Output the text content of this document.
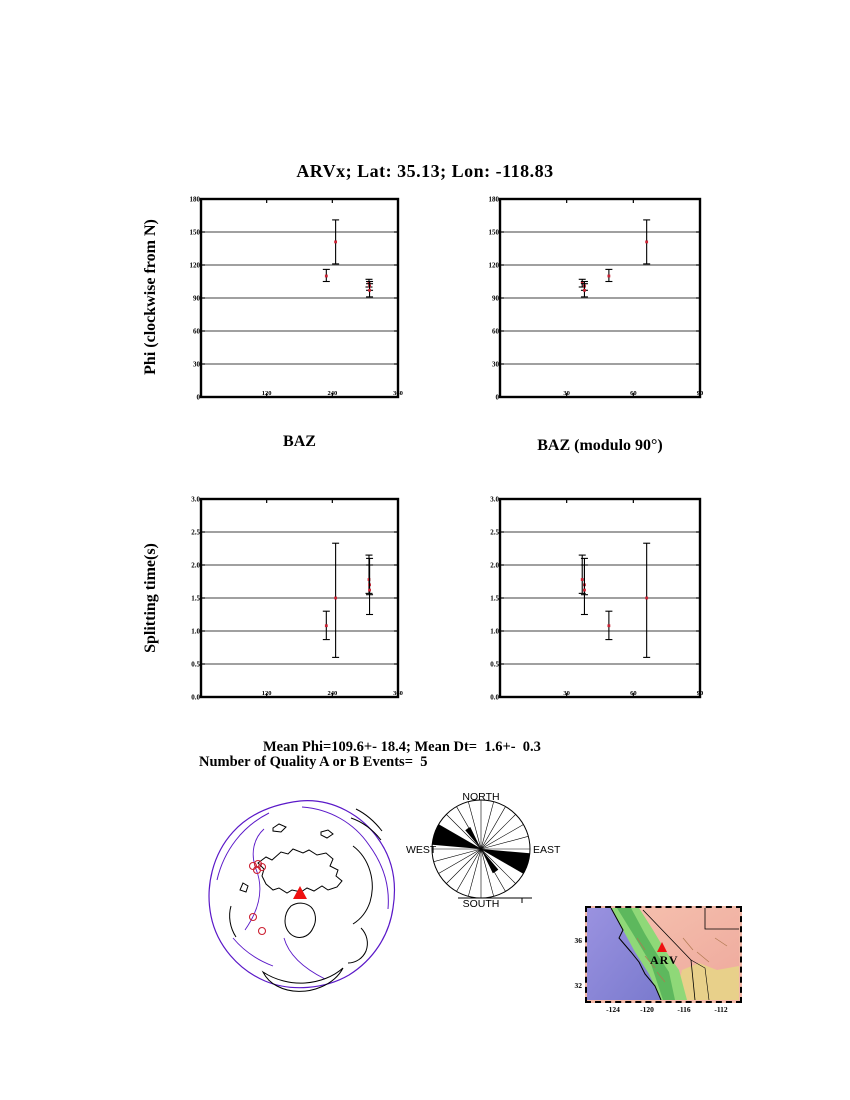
ARVx; Lat: 35.13; Lon: -118.83
Phi (clockwise from N)
Splitting time(s)
0
30
60
90
120
150
180
120	240	360	0
30
60
90
120
150
180
30	60	90
BAZ	BAZ (modulo 90°)
0.0
0.5
1.0
1.5
2.0
2.5
3.0
120	240	360	0.0
0.5
1.0
1.5
2.0
2.5
3.0
30	60	90
Mean Phi=109.6+- 18.4; Mean Dt=  1.6+-  0.3
Number of Quality A or B Events=  5
NORTH
EAST
SOUTH
WEST
ARV
-124	-120	-116	-112
36
32
